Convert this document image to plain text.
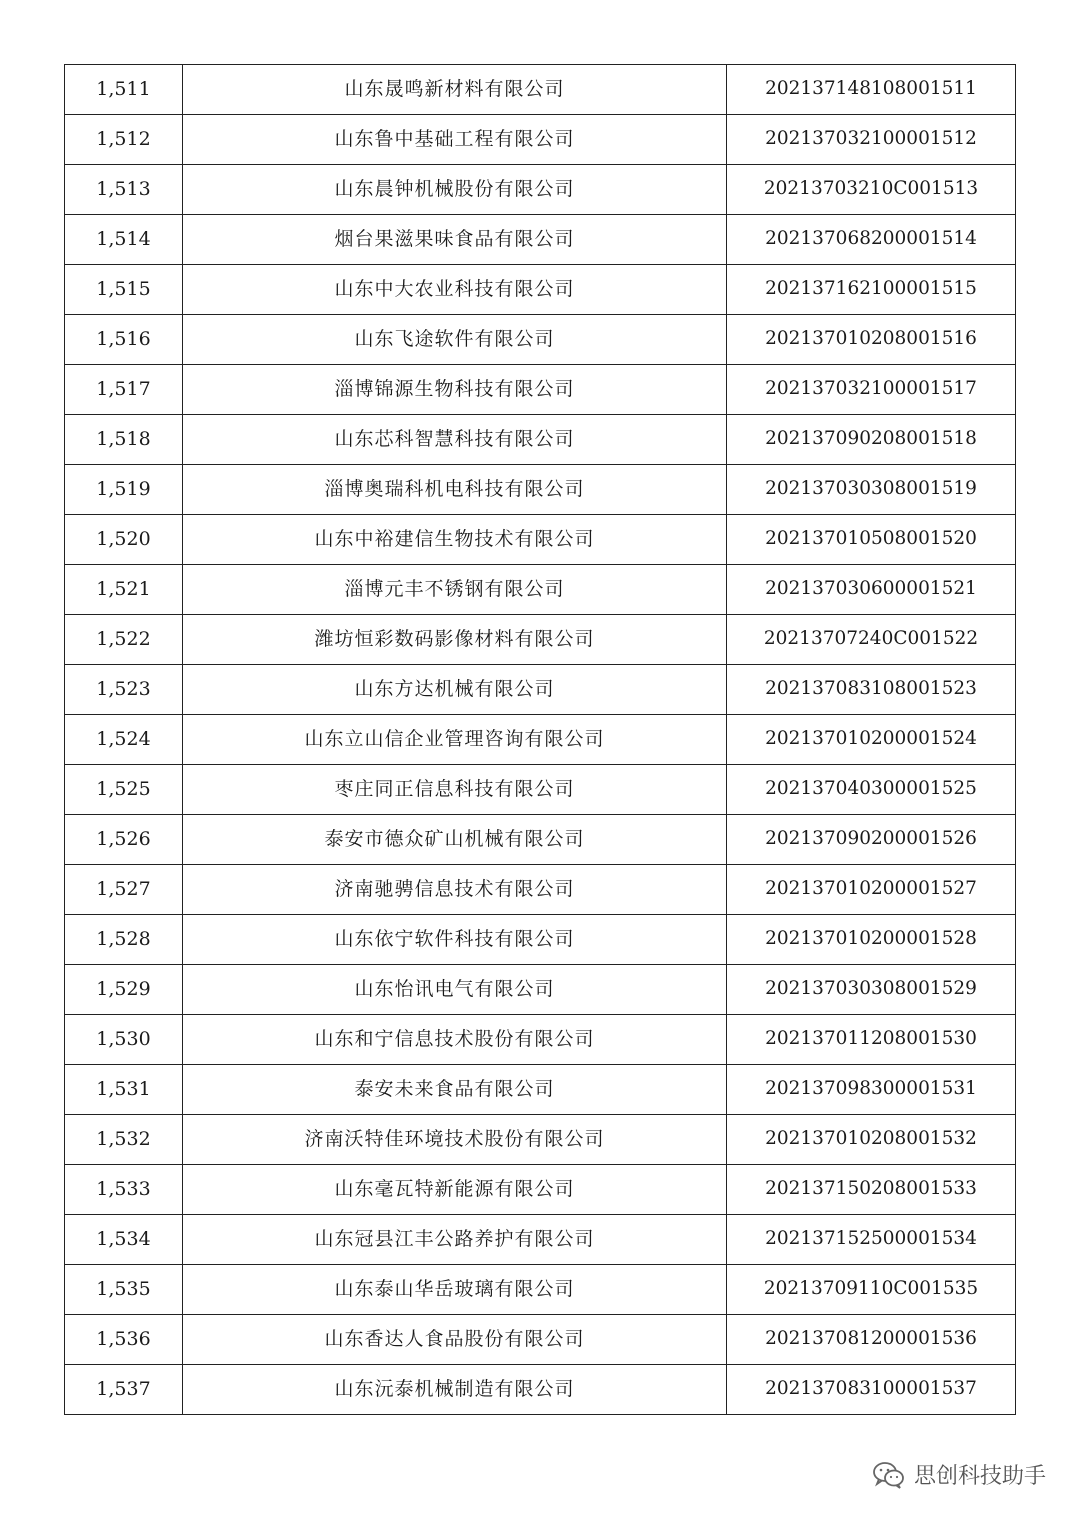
1,511	山东晟鸣新材料有限公司	202137148108001511
1,512	山东鲁中基础工程有限公司	202137032100001512
1,513	山东晨钟机械股份有限公司	20213703210C001513
1,514	烟台果滋果味食品有限公司	202137068200001514
1,515	山东中大农业科技有限公司	202137162100001515
1,516	山东飞途软件有限公司	202137010208001516
1,517	淄博锦源生物科技有限公司	202137032100001517
1,518	山东芯科智慧科技有限公司	202137090208001518
1,519	淄博奥瑞科机电科技有限公司	202137030308001519
1,520	山东中裕建信生物技术有限公司	202137010508001520
1,521	淄博元丰不锈钢有限公司	202137030600001521
1,522	潍坊恒彩数码影像材料有限公司	20213707240C001522
1,523	山东方达机械有限公司	202137083108001523
1,524	山东立山信企业管理咨询有限公司	202137010200001524
1,525	枣庄同正信息科技有限公司	202137040300001525
1,526	泰安市德众矿山机械有限公司	202137090200001526
1,527	济南驰骋信息技术有限公司	202137010200001527
1,528	山东依宁软件科技有限公司	202137010200001528
1,529	山东怡讯电气有限公司	202137030308001529
1,530	山东和宁信息技术股份有限公司	202137011208001530
1,531	泰安未来食品有限公司	202137098300001531
1,532	济南沃特佳环境技术股份有限公司	202137010208001532
1,533	山东毫瓦特新能源有限公司	202137150208001533
1,534	山东冠县江丰公路养护有限公司	202137152500001534
1,535	山东泰山华岳玻璃有限公司	20213709110C001535
1,536	山东香达人食品股份有限公司	202137081200001536
1,537	山东沅泰机械制造有限公司	202137083100001537
思创科技助手
